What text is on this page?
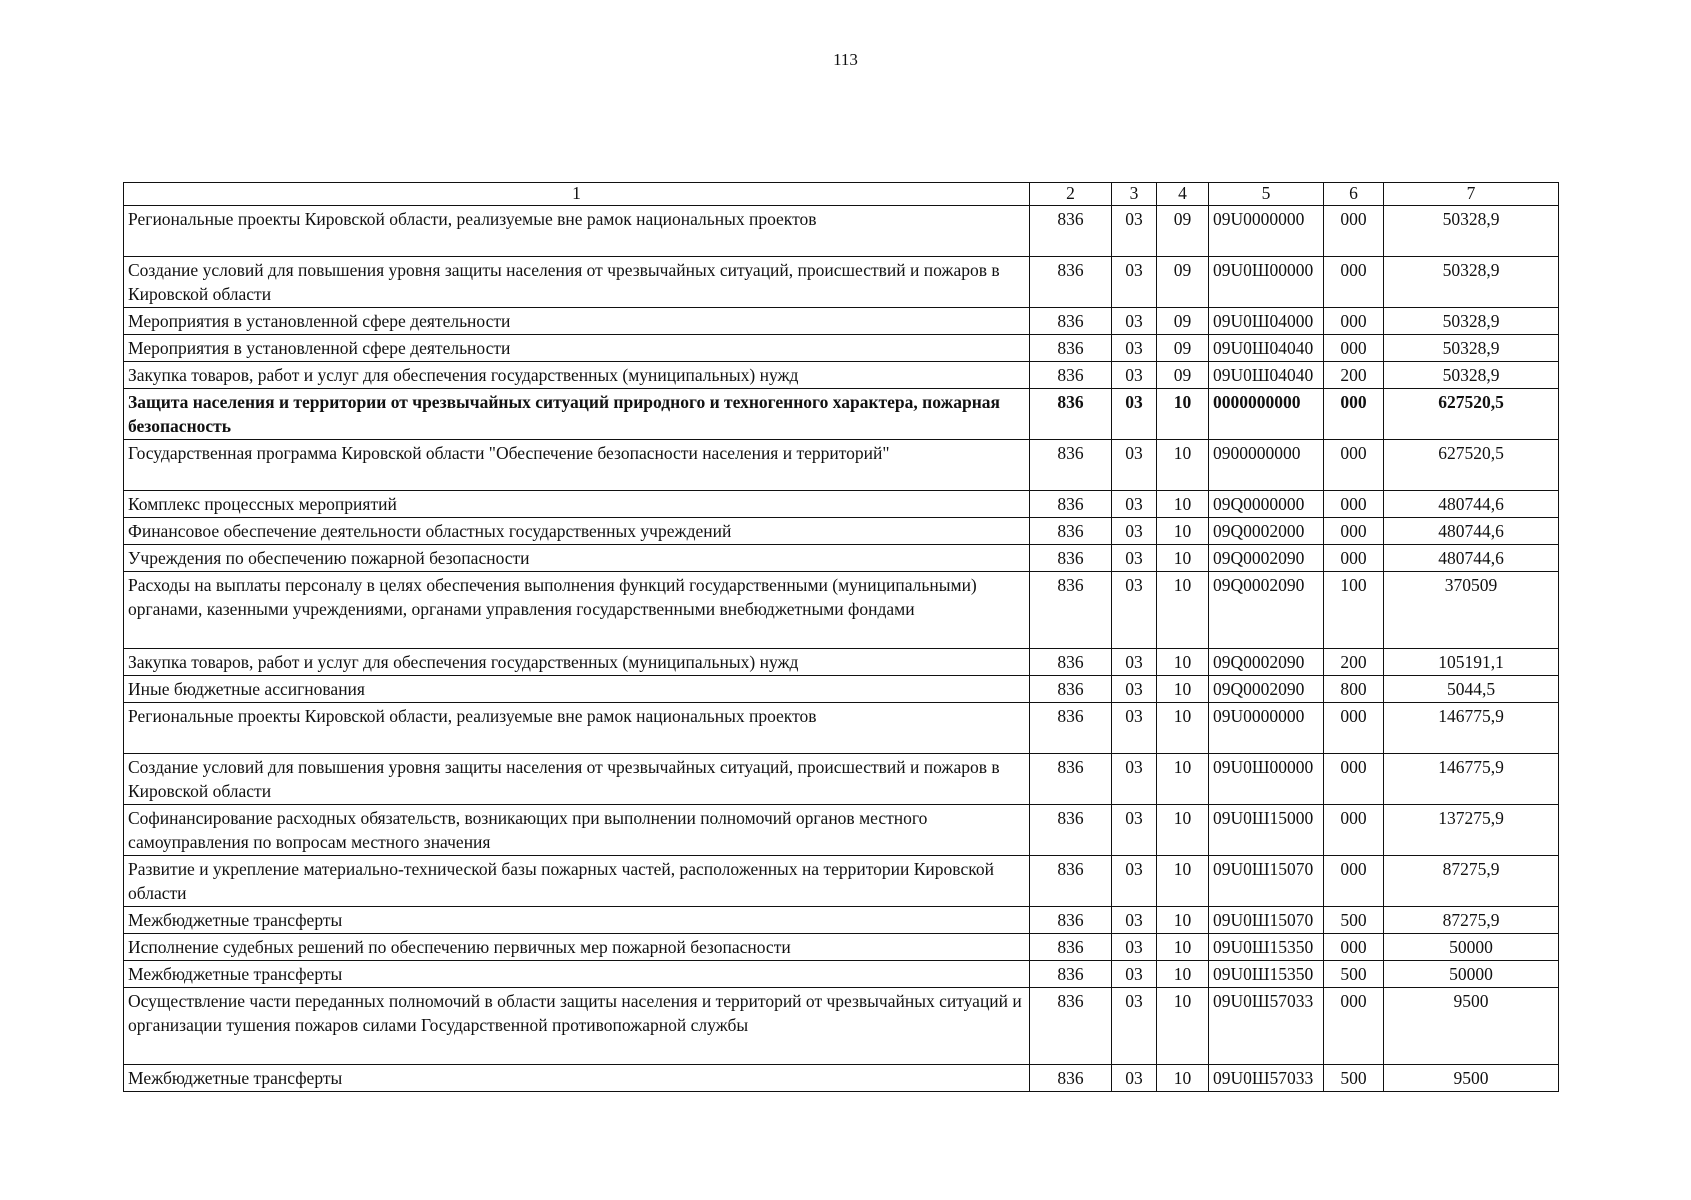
113
1	2	3	4	5	6	7
Региональные проекты Кировской области, реализуемые вне рамок национальных проектов	836	03	09	09U0000000	000	50328,9
Создание условий для повышения уровня защиты населения от чрезвычайных ситуаций, происшествий и пожаров в Кировской области	836	03	09	09U0Ш00000	000	50328,9
Мероприятия в установленной сфере деятельности	836	03	09	09U0Ш04000	000	50328,9
Мероприятия в установленной сфере деятельности	836	03	09	09U0Ш04040	000	50328,9
Закупка товаров, работ и услуг для обеспечения государственных (муниципальных) нужд	836	03	09	09U0Ш04040	200	50328,9
Защита населения и территории от чрезвычайных ситуаций природного и техногенного характера, пожарная безопасность	836	03	10	0000000000	000	627520,5
Государственная программа Кировской области "Обеспечение безопасности населения и территорий"	836	03	10	0900000000	000	627520,5
Комплекс процессных мероприятий	836	03	10	09Q0000000	000	480744,6
Финансовое обеспечение деятельности областных государственных учреждений	836	03	10	09Q0002000	000	480744,6
Учреждения по обеспечению пожарной безопасности	836	03	10	09Q0002090	000	480744,6
Расходы на выплаты персоналу в целях обеспечения выполнения функций государственными (муниципальными) органами, казенными учреждениями, органами управления государственными внебюджетными фондами	836	03	10	09Q0002090	100	370509
Закупка товаров, работ и услуг для обеспечения государственных (муниципальных) нужд	836	03	10	09Q0002090	200	105191,1
Иные бюджетные ассигнования	836	03	10	09Q0002090	800	5044,5
Региональные проекты Кировской области, реализуемые вне рамок национальных проектов	836	03	10	09U0000000	000	146775,9
Создание условий для повышения уровня защиты населения от чрезвычайных ситуаций, происшествий и пожаров в Кировской области	836	03	10	09U0Ш00000	000	146775,9
Софинансирование расходных обязательств, возникающих при выполнении полномочий органов местного самоуправления по вопросам местного значения	836	03	10	09U0Ш15000	000	137275,9
Развитие и укрепление материально-технической базы пожарных частей, расположенных на территории Кировской области	836	03	10	09U0Ш15070	000	87275,9
Межбюджетные трансферты	836	03	10	09U0Ш15070	500	87275,9
Исполнение судебных решений по обеспечению первичных мер пожарной безопасности	836	03	10	09U0Ш15350	000	50000
Межбюджетные трансферты	836	03	10	09U0Ш15350	500	50000
Осуществление части переданных полномочий в области защиты населения и территорий от чрезвычайных ситуаций и организации тушения пожаров силами Государственной противопожарной службы	836	03	10	09U0Ш57033	000	9500
Межбюджетные трансферты	836	03	10	09U0Ш57033	500	9500
